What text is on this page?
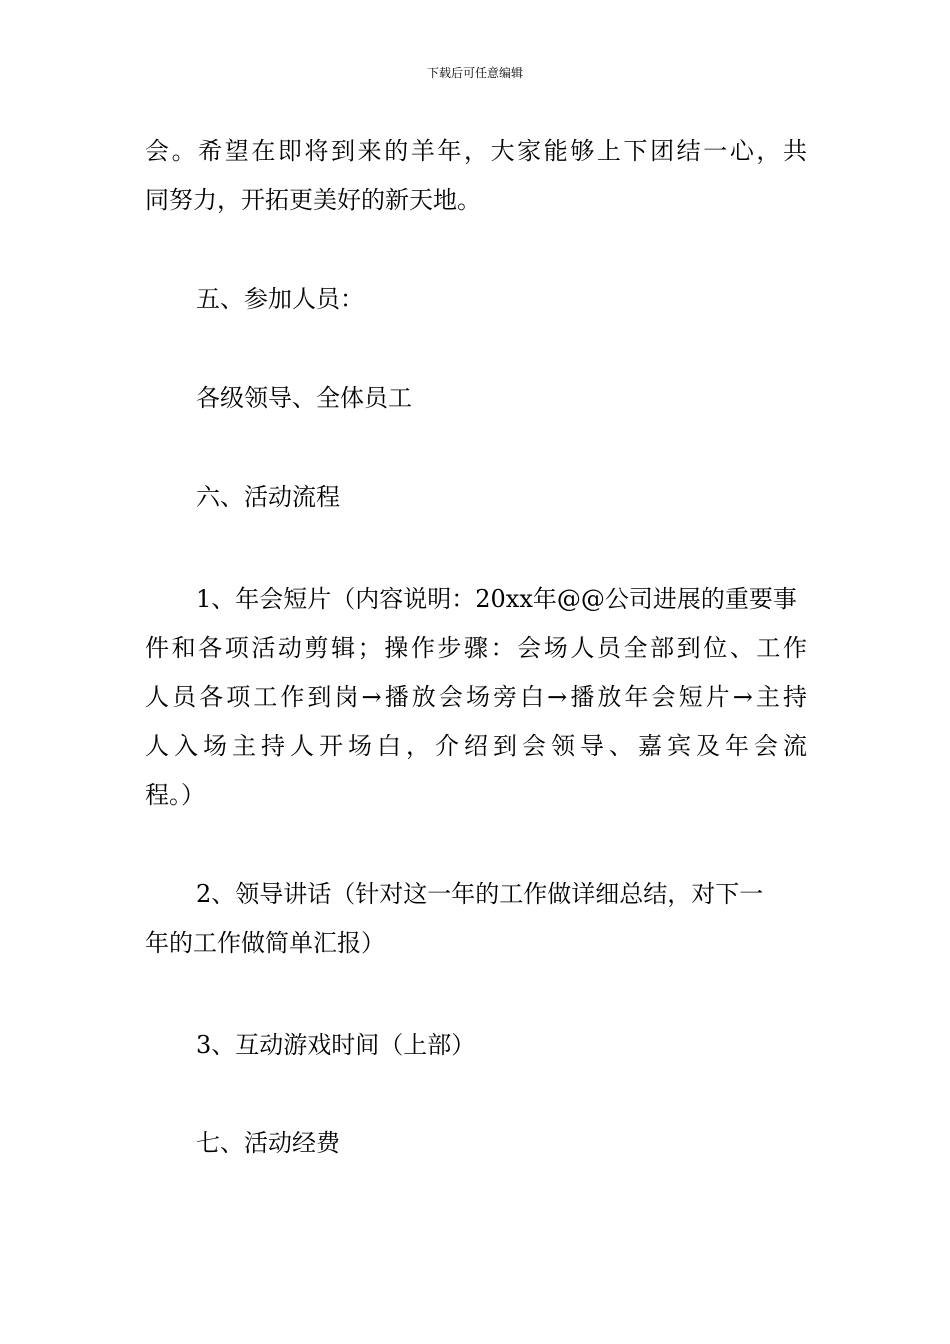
下载后可任意编辑
会。希望在即将到来的羊年，大家能够上下团结一心，共
同努力，开拓更美好的新天地。
五、参加人员：
各级领导、全体员工
六、活动流程
1、年会短片（内容说明：20xx年@@公司进展的重要事
件和各项活动剪辑；操作步骤：会场人员全部到位、工作
人员各项工作到岗→播放会场旁白→播放年会短片→主持
人入场主持人开场白，介绍到会领导、嘉宾及年会流
程。）
2、领导讲话（针对这一年的工作做详细总结，对下一
年的工作做简单汇报）
3、互动游戏时间（上部）
七、活动经费
